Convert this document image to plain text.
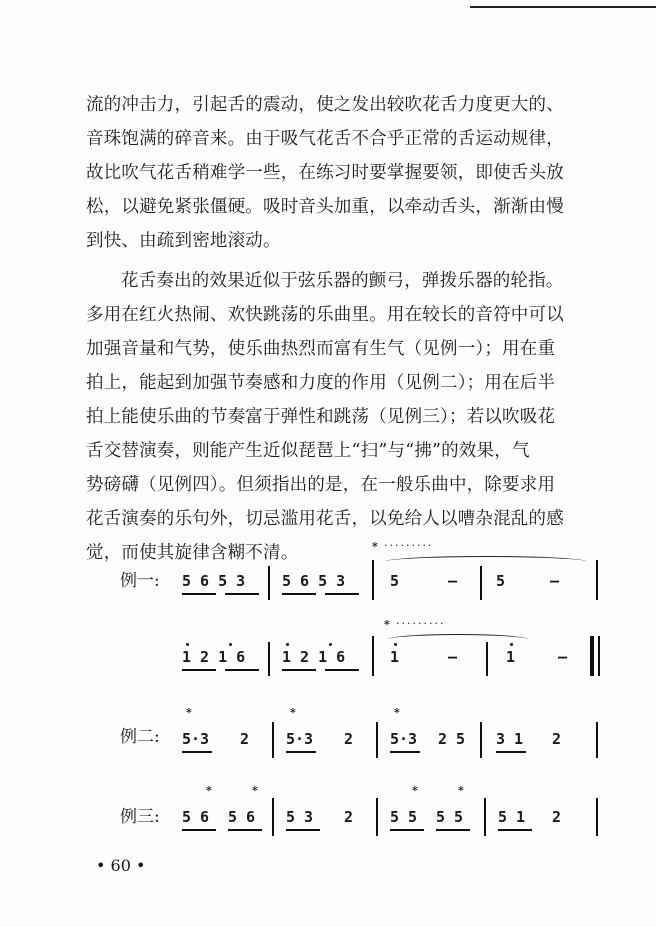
流的冲击力，引起舌的震动，使之发出较吹花舌力度更大的、
音珠饱满的碎音来。由于吸气花舌不合乎正常的舌运动规律，
故比吹气花舌稍难学一些，在练习时要掌握要领，即使舌头放
松，以避免紧张僵硬。吸时音头加重，以牵动舌头，渐渐由慢
到快、由疏到密地滚动。
花舌奏出的效果近似于弦乐器的颤弓，弹拨乐器的轮指。
多用在红火热闹、欢快跳荡的乐曲里。用在较长的音符中可以
加强音量和气势，使乐曲热烈而富有生气（见例一）；用在重
拍上，能起到加强节奏感和力度的作用（见例二）；用在后半
拍上能使乐曲的节奏富于弹性和跳荡（见例三）；若以吹吸花
舌交替演奏，则能产生近似琵琶上“扫”与“拂”的效果，气
势磅礴（见例四）。但须指出的是，在一般乐曲中，除要求用
花舌演奏的乐句外，切忌滥用花舌，以免给人以嘈杂混乱的感
觉，而使其旋律含糊不清。
例一: 5 6 5 3 5 6 5 3
* ·········
5	–	5	–
1 2 1 6 1 2 1 6
* ·········
1	–	1	–
例二:
*
5·3 2
*
5·3 2
*
5·3 2 5 3 1 2
例三:
*	*
5 6 5 6 5 3 2
*	*
5 5 5 5 5 1 2
• 60 •
